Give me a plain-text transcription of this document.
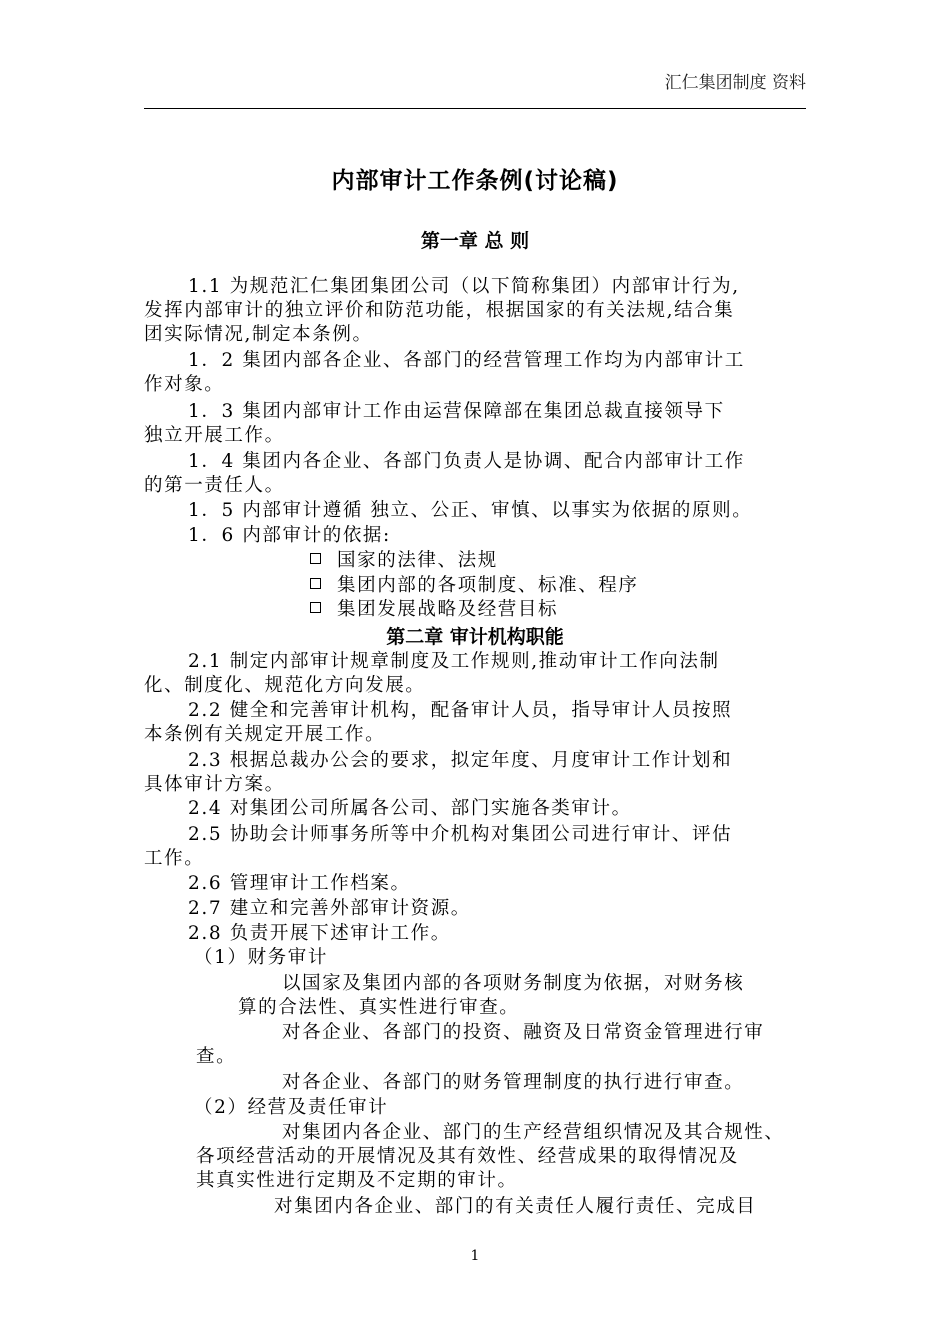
汇仁集团制度 资料
内部审计工作条例(讨论稿)
第一章 总 则
1.1 为规范汇仁集团集团公司（以下简称集团）内部审计行为,
发挥内部审计的独立评价和防范功能，根据国家的有关法规,结合集
团实际情况,制定本条例。
1．2 集团内部各企业、各部门的经营管理工作均为内部审计工
作对象。
1．3 集团内部审计工作由运营保障部在集团总裁直接领导下
独立开展工作。
1．4 集团内各企业、各部门负责人是协调、配合内部审计工作
的第一责任人。
1．5 内部审计遵循 独立、公正、审慎、以事实为依据的原则。
1．6 内部审计的依据:
国家的法律、法规
集团内部的各项制度、标准、程序
集团发展战略及经营目标
第二章 审计机构职能
2.1 制定内部审计规章制度及工作规则,推动审计工作向法制
化、制度化、规范化方向发展。
2.2 健全和完善审计机构，配备审计人员，指导审计人员按照
本条例有关规定开展工作。
2.3 根据总裁办公会的要求，拟定年度、月度审计工作计划和
具体审计方案。
2.4 对集团公司所属各公司、部门实施各类审计。
2.5 协助会计师事务所等中介机构对集团公司进行审计、评估
工作。
2.6 管理审计工作档案。
2.7 建立和完善外部审计资源。
2.8 负责开展下述审计工作。
（1）财务审计
以国家及集团内部的各项财务制度为依据，对财务核
算的合法性、真实性进行审查。
对各企业、各部门的投资、融资及日常资金管理进行审
查。
对各企业、各部门的财务管理制度的执行进行审查。
（2）经营及责任审计
对集团内各企业、部门的生产经营组织情况及其合规性、
各项经营活动的开展情况及其有效性、经营成果的取得情况及
其真实性进行定期及不定期的审计。
对集团内各企业、部门的有关责任人履行责任、完成目
1
